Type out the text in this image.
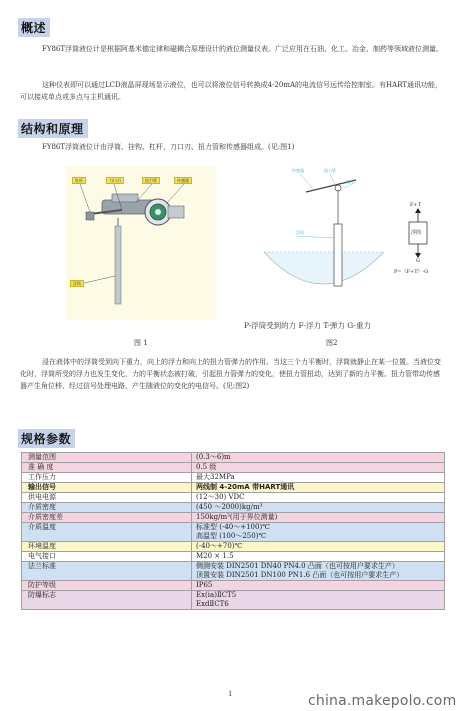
概述

FY86T浮筒液位计是根据阿基米德定律和磁耦合原理设计的液位测量仪表。广泛应用在石油、化工、冶金、制药等领域液位测量。

这种仪表即可以通过LCD液晶屏现场显示液位，也可以将液位信号转换成4-20mA的电流信号远传给控制室。有HART通讯功能，可以接成单点或多点与主机通讯。

结构和原理

FY86T浮筒液位计由浮筒、挂钩、杠杆、刀口刃、扭力管和传感器组成。(见:图1)

杠杆	刀口刃	扭力管	传感器
浮筒
图 1
传感器	扭力管
杠杆
浮筒
F+T
浮筒
G
P=（F+T）-G
P-浮筒受到的力 F-浮力 T-弹力 G-重力
图2

浸在液体中的浮筒受到向下重力，向上的浮力和向上的扭力管弹力的作用。当这三个力平衡时，浮筒就静止在某一位置。当液位变化时，浮筒所受的浮力也发生变化，力的平衡状态被打破，引起扭力管弹力的变化，使扭力管扭动，达到了新的力平衡。扭力管带动传感器产生角位移，经过信号处理电路，产生随液位的变化的电信号。(见:图2)

规格参数
测量范围	(0.3～6)m

准 确 度	0.5 级

工作压力	最大32MPa

输出信号	两线制 4-20mA 带HART通讯

供电电源	(12～30) VDC

介质密度	(450 ～2000)kg/m³

介质密度差	150kg/m³(用于界位测量)

介质温度	标准型 (-40～+100)℃
高温型 (100～250)℃

环境温度	(-40～+70)℃

电气接口	M20 × 1.5

法兰标准	侧测安装 DIN2501 DN40 PN4.0 凸面（也可按用户要求生产）
顶置安装 DIN2501 DN100 PN1.6 凸面（也可按用户要求生产）

防护等级	IP65

防爆标志	Ex(ia)ⅡCT5
ExdⅡCT6
1	china.makepolo.com
